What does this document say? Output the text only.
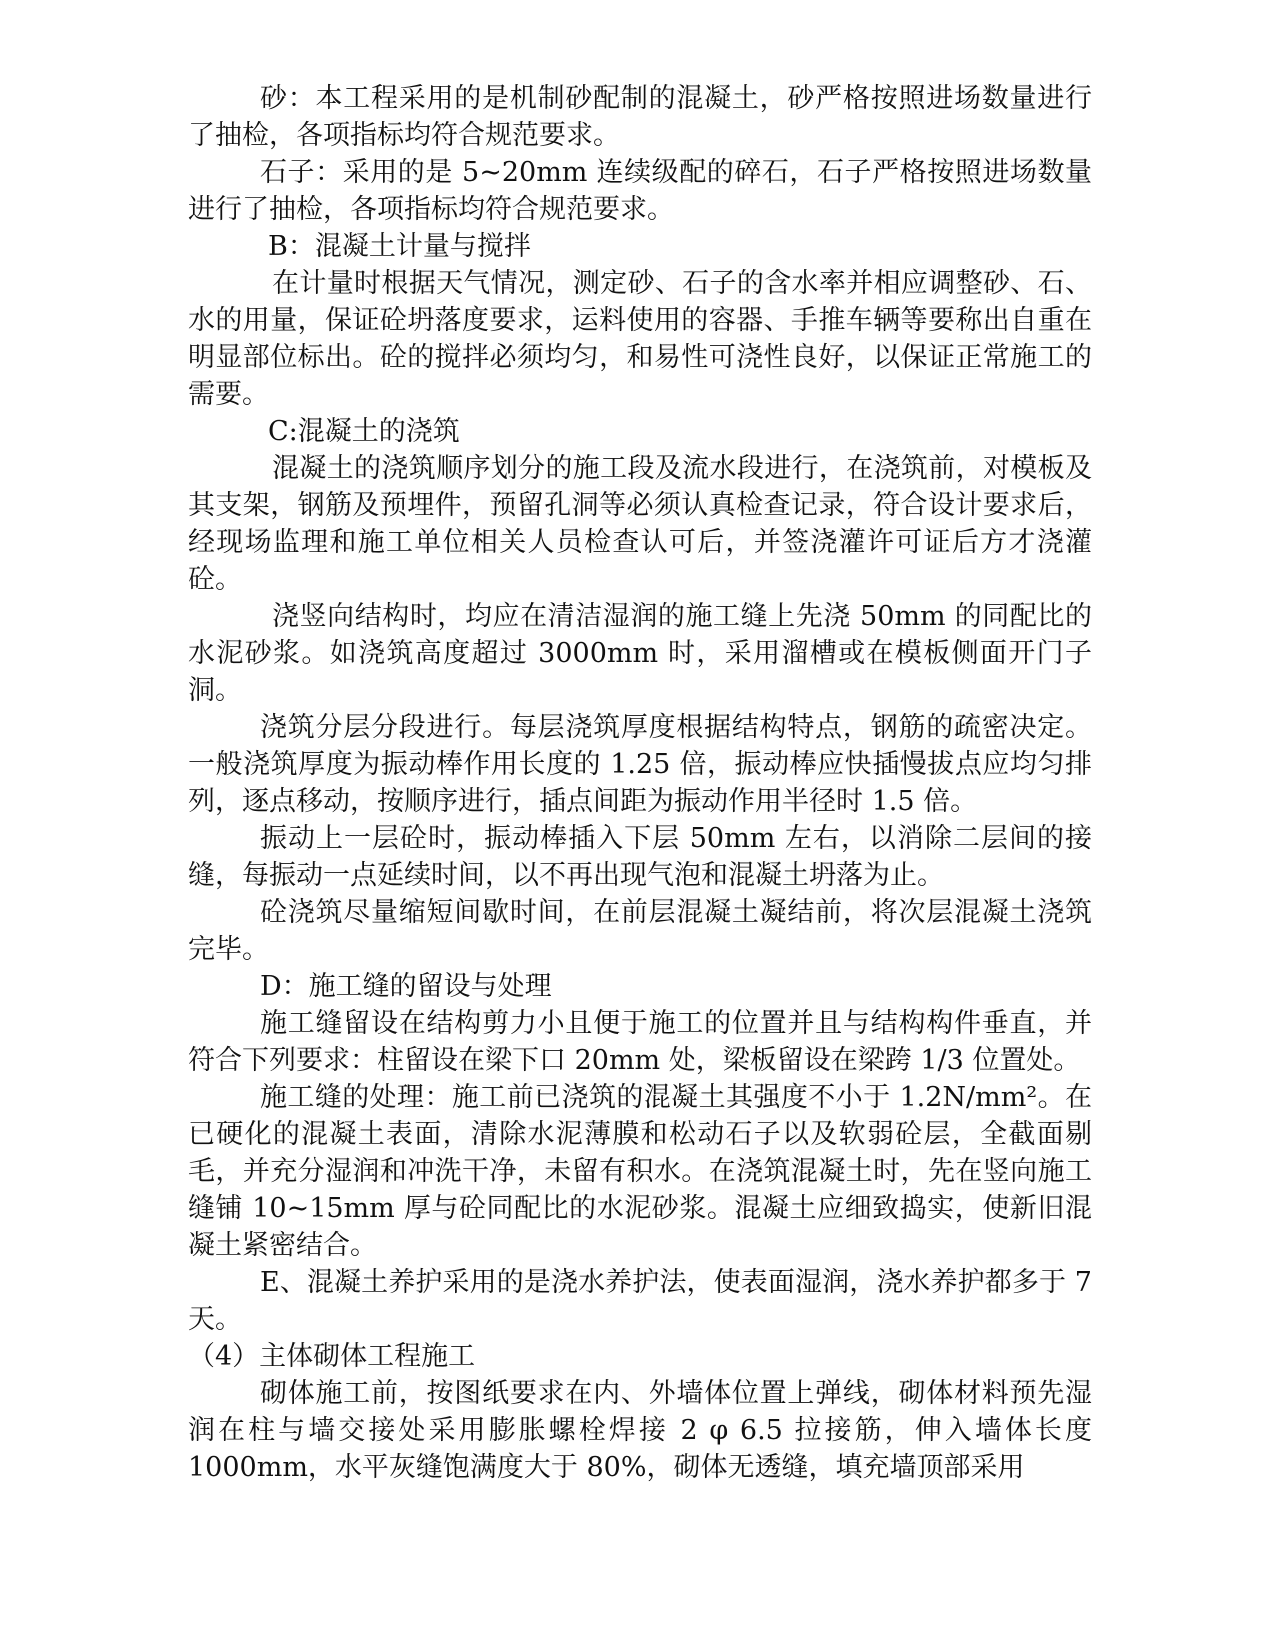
砂：本工程采用的是机制砂配制的混凝土，砂严格按照进场数量进行了抽检，各项指标均符合规范要求。

石子：采用的是 5~20mm 连续级配的碎石，石子严格按照进场数量进行了抽检，各项指标均符合规范要求。

B：混凝土计量与搅拌

在计量时根据天气情况，测定砂、石子的含水率并相应调整砂、石、水的用量，保证砼坍落度要求，运料使用的容器、手推车辆等要称出自重在明显部位标出。砼的搅拌必须均匀，和易性可浇性良好，以保证正常施工的需要。

C:混凝土的浇筑

混凝土的浇筑顺序划分的施工段及流水段进行，在浇筑前，对模板及其支架，钢筋及预埋件，预留孔洞等必须认真检查记录，符合设计要求后，经现场监理和施工单位相关人员检查认可后，并签浇灌许可证后方才浇灌砼。

浇竖向结构时，均应在清洁湿润的施工缝上先浇 50mm 的同配比的水泥砂浆。如浇筑高度超过 3000mm 时，采用溜槽或在模板侧面开门子洞。

浇筑分层分段进行。每层浇筑厚度根据结构特点，钢筋的疏密决定。一般浇筑厚度为振动棒作用长度的 1.25 倍，振动棒应快插慢拔点应均匀排列，逐点移动，按顺序进行，插点间距为振动作用半径时 1.5 倍。

振动上一层砼时，振动棒插入下层 50mm 左右，以消除二层间的接缝，每振动一点延续时间，以不再出现气泡和混凝土坍落为止。

砼浇筑尽量缩短间歇时间，在前层混凝土凝结前，将次层混凝土浇筑完毕。

D：施工缝的留设与处理

施工缝留设在结构剪力小且便于施工的位置并且与结构构件垂直，并符合下列要求：柱留设在梁下口 20mm 处，梁板留设在梁跨 1/3 位置处。

施工缝的处理：施工前已浇筑的混凝土其强度不小于 1.2N/mm²。在已硬化的混凝土表面，清除水泥薄膜和松动石子以及软弱砼层，全截面剔毛，并充分湿润和冲洗干净，未留有积水。在浇筑混凝土时，先在竖向施工缝铺 10~15mm 厚与砼同配比的水泥砂浆。混凝土应细致捣实，使新旧混凝土紧密结合。

E、混凝土养护采用的是浇水养护法，使表面湿润，浇水养护都多于 7 天。

（4）主体砌体工程施工

砌体施工前，按图纸要求在内、外墙体位置上弹线，砌体材料预先湿润在柱与墙交接处采用膨胀螺栓焊接 2 φ 6.5 拉接筋，伸入墙体长度 1000mm，水平灰缝饱满度大于 80%，砌体无透缝，填充墙顶部采用
